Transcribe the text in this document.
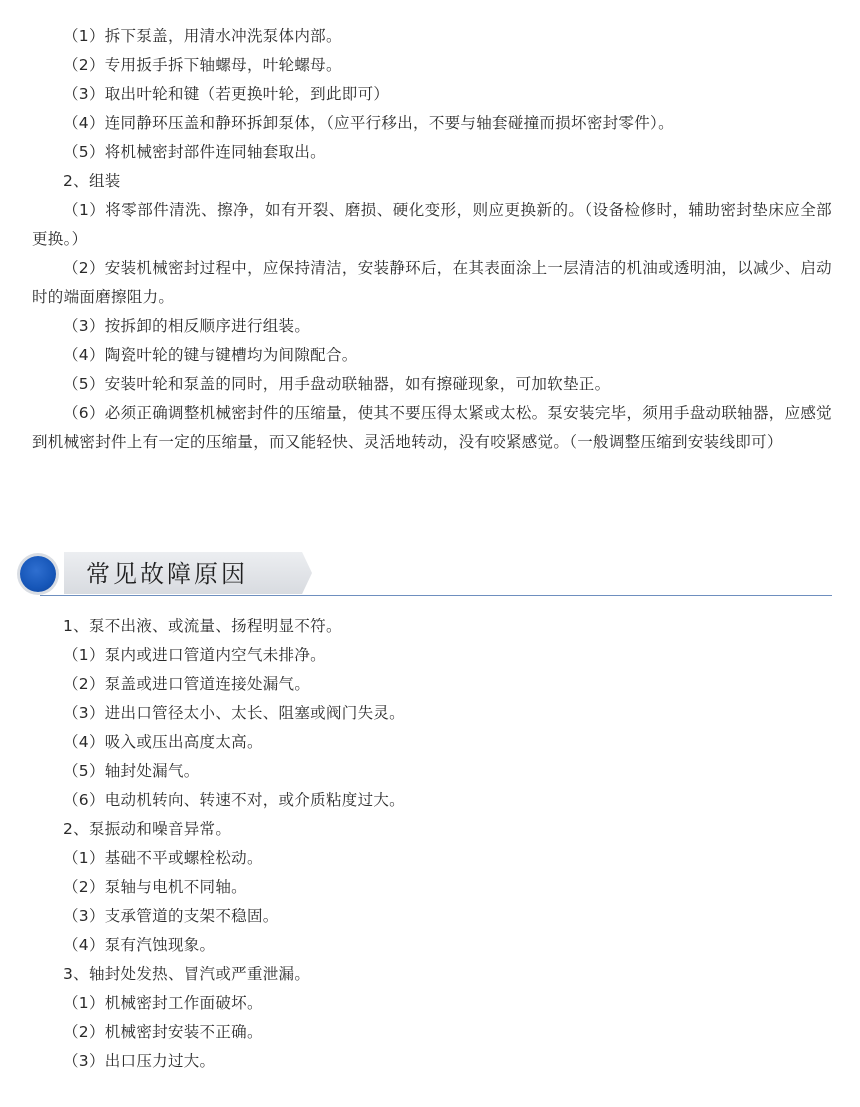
（1）拆下泵盖，用清水冲洗泵体内部。

（2）专用扳手拆下轴螺母，叶轮螺母。

（3）取出叶轮和键（若更换叶轮，到此即可）

（4）连同静环压盖和静环拆卸泵体，（应平行移出，不要与轴套碰撞而损坏密封零件）。

（5）将机械密封部件连同轴套取出。

2、组装

（1）将零部件清洗、擦净，如有开裂、磨损、硬化变形，则应更换新的。（设备检修时，辅助密封垫床应全部更换。）

（2）安装机械密封过程中，应保持清洁，安装静环后，在其表面涂上一层清洁的机油或透明油，以减少、启动时的端面磨擦阻力。

（3）按拆卸的相反顺序进行组装。

（4）陶瓷叶轮的键与键槽均为间隙配合。

（5）安装叶轮和泵盖的同时，用手盘动联轴器，如有擦碰现象，可加软垫正。

（6）必须正确调整机械密封件的压缩量，使其不要压得太紧或太松。泵安装完毕，须用手盘动联轴器，应感觉到机械密封件上有一定的压缩量，而又能轻快、灵活地转动，没有咬紧感觉。（一般调整压缩到安装线即可）

常见故障原因

1、泵不出液、或流量、扬程明显不符。

（1）泵内或进口管道内空气未排净。

（2）泵盖或进口管道连接处漏气。

（3）进出口管径太小、太长、阻塞或阀门失灵。

（4）吸入或压出高度太高。

（5）轴封处漏气。

（6）电动机转向、转速不对，或介质粘度过大。

2、泵振动和噪音异常。

（1）基础不平或螺栓松动。

（2）泵轴与电机不同轴。

（3）支承管道的支架不稳固。

（4）泵有汽蚀现象。

3、轴封处发热、冒汽或严重泄漏。

（1）机械密封工作面破坏。

（2）机械密封安装不正确。

（3）出口压力过大。
